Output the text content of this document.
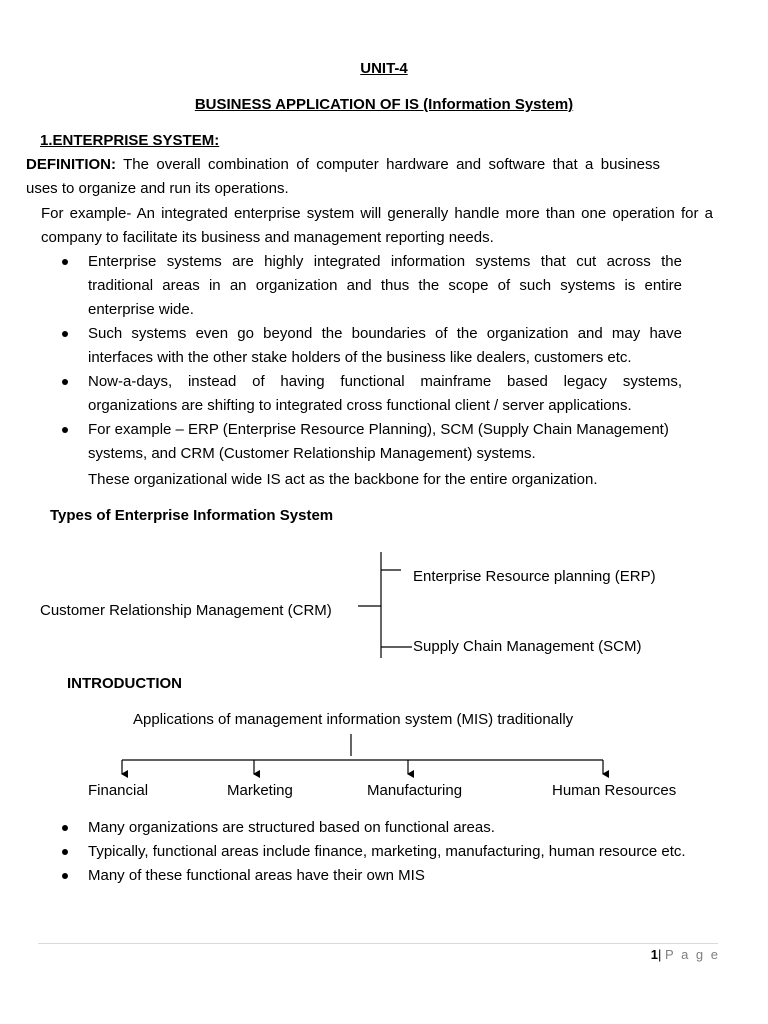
UNIT-4
BUSINESS APPLICATION OF IS (Information System)
1.ENTERPRISE SYSTEM:
DEFINITION: The overall combination of computer hardware and software that a business uses to organize and run its operations.
For example- An integrated enterprise system will generally handle more than one operation for a company to facilitate its business and management reporting needs.
Enterprise systems are highly integrated information systems that cut across the traditional areas in an organization and thus the scope of such systems is entire enterprise wide.
Such systems even go beyond the boundaries of the organization and may have interfaces with the other stake holders of the business like dealers, customers etc.
Now-a-days, instead of having functional mainframe based legacy systems, organizations are shifting to integrated cross functional client / server applications.
For example – ERP (Enterprise Resource Planning), SCM (Supply Chain Management) systems, and CRM (Customer Relationship Management) systems.
These organizational wide IS act as the backbone for the entire organization.
Types of Enterprise Information System
Enterprise Resource planning (ERP)
Customer Relationship Management (CRM)
Supply Chain Management (SCM)
INTRODUCTION
Applications of management information system (MIS) traditionally
Financial	Marketing	Manufacturing	Human Resources
Many organizations are structured based on functional areas.
Typically, functional areas include finance, marketing, manufacturing, human resource etc.
Many of these functional areas have their own MIS
1| P a g e
